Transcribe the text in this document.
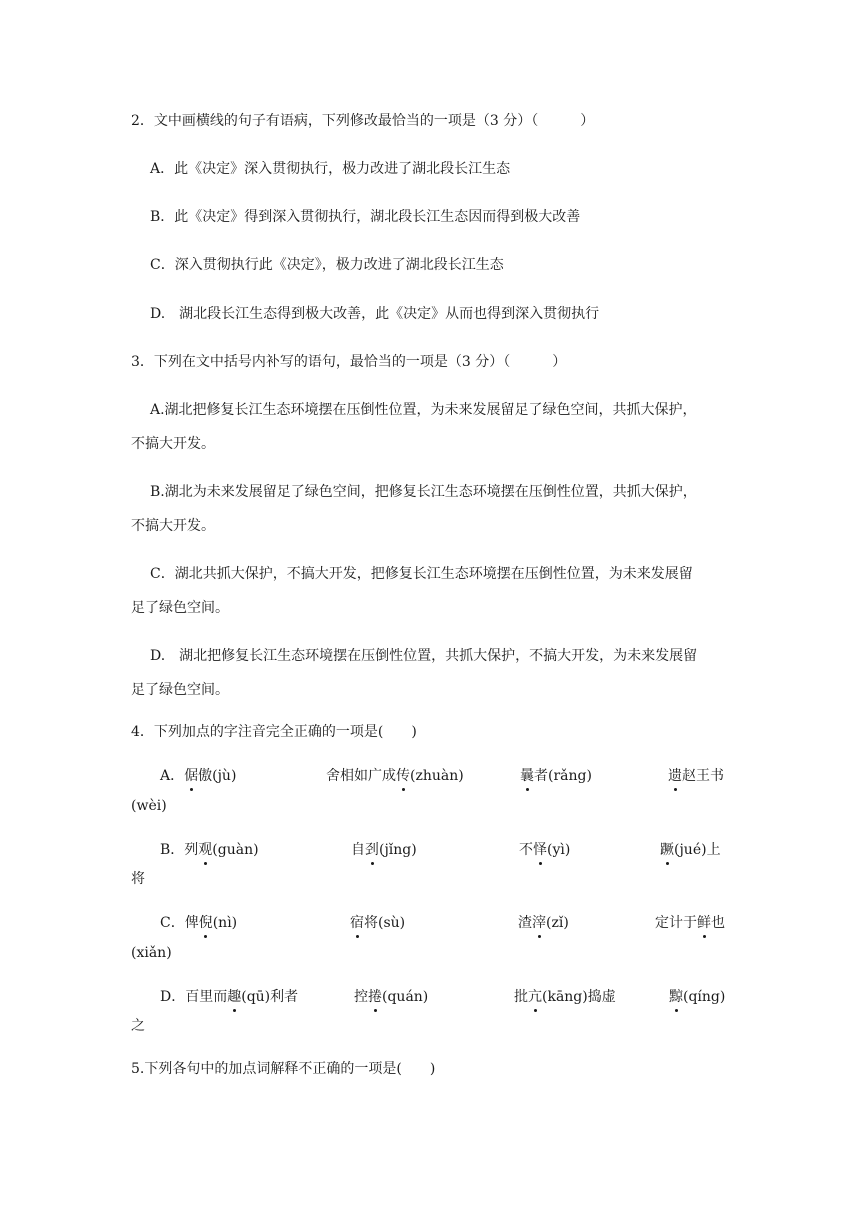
2．文中画横线的句子有语病，下列修改最恰当的一项是（3 分）（　　　）
A．此《决定》深入贯彻执行，极力改进了湖北段长江生态
B．此《决定》得到深入贯彻执行，湖北段长江生态因而得到极大改善
C．深入贯彻执行此《决定》，极力改进了湖北段长江生态
D.　湖北段长江生态得到极大改善，此《决定》从而也得到深入贯彻执行
3．下列在文中括号内补写的语句，最恰当的一项是（3 分）（　　　）
A.湖北把修复长江生态环境摆在压倒性位置，为未来发展留足了绿色空间，共抓大保护，
不搞大开发。
B.湖北为未来发展留足了绿色空间，把修复长江生态环境摆在压倒性位置，共抓大保护，
不搞大开发。
C．湖北共抓大保护，不搞大开发，把修复长江生态环境摆在压倒性位置，为未来发展留
足了绿色空间。
D.　湖北把修复长江生态环境摆在压倒性位置，共抓大保护，不搞大开发，为未来发展留
足了绿色空间。
4．下列加点的字注音完全正确的一项是(　　)
A．倨傲(jù)	舍相如广成传(zhuàn)	曩者(rǎng)	遗赵王书
(wèi)
B．列观(guàn)	自刭(jǐng)	不怿(yì)	蹶(jué)上
将
C．俾倪(nì)	宿将(sù)	渣滓(zǐ)	定计于鲜也
(xiǎn)
D．百里而趣(qū)利者	控捲(quán)	批亢(kāng)捣虚	黥(qíng)
之
5.下列各句中的加点词解释不正确的一项是(　　)
